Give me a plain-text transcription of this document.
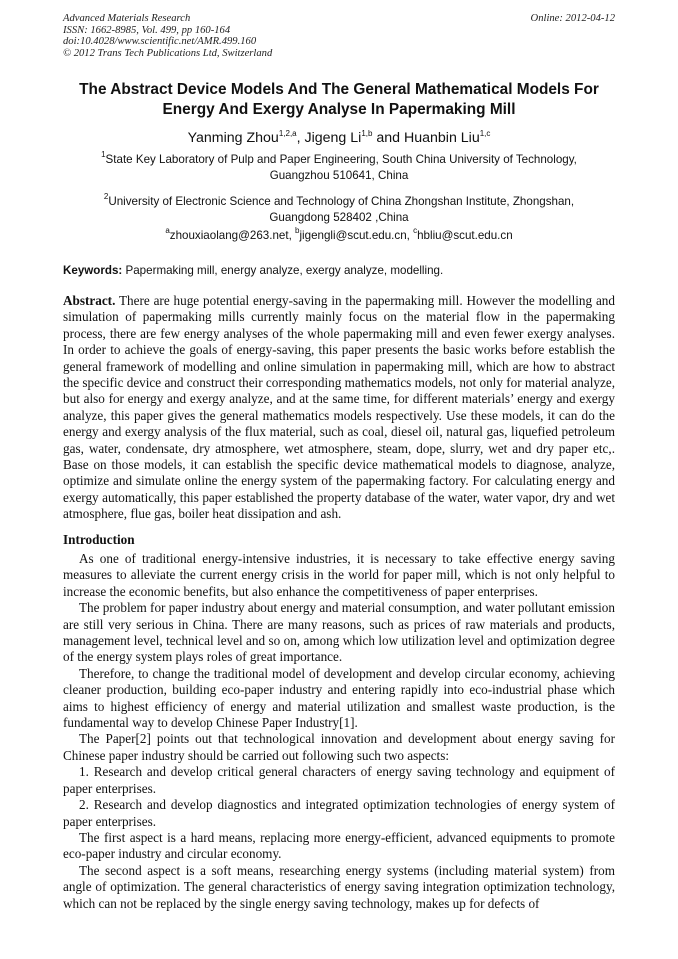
Advanced Materials Research
ISSN: 1662-8985, Vol. 499, pp 160-164
doi:10.4028/www.scientific.net/AMR.499.160
© 2012 Trans Tech Publications Ltd, Switzerland
Online: 2012-04-12
The Abstract Device Models And The General Mathematical Models For
Energy And Exergy Analyse In Papermaking Mill
Yanming Zhou$^{1,2,a}$, Jigeng Li$^{1,b}$ and Huanbin Liu$^{1,c}$
$^1$State Key Laboratory of Pulp and Paper Engineering, South China University of Technology,
Guangzhou 510641, China
$^2$University of Electronic Science and Technology of China Zhongshan Institute, Zhongshan,
Guangdong 528402 ,China
$^a$zhouxiaolang@263.net, $^b$jigengli@scut.edu.cn, $^c$hbliu@scut.edu.cn
Keywords: Papermaking mill, energy analyze, exergy analyze, modelling.
Abstract. There are huge potential energy-saving in the papermaking mill. However the modelling and simulation of papermaking mills currently mainly focus on the material flow in the papermaking process, there are few energy analyses of the whole papermaking mill and even fewer exergy analyses. In order to achieve the goals of energy-saving, this paper presents the basic works before establish the general framework of modelling and online simulation in papermaking mill, which are how to abstract the specific device and construct their corresponding mathematics models, not only for material analyze, but also for energy and exergy analyze, and at the same time, for different materials’ energy and exergy analyze, this paper gives the general mathematics models respectively. Use these models, it can do the energy and exergy analysis of the flux material, such as coal, diesel oil, natural gas, liquefied petroleum gas, water, condensate, dry atmosphere, wet atmosphere, steam, dope, slurry, wet and dry paper etc,. Base on those models, it can establish the specific device mathematical models to diagnose, analyze, optimize and simulate online the energy system of the papermaking factory. For calculating energy and exergy automatically, this paper established the property database of the water, water vapor, dry and wet atmosphere, flue gas, boiler heat dissipation and ash.
Introduction

As one of traditional energy-intensive industries, it is necessary to take effective energy saving measures to alleviate the current energy crisis in the world for paper mill, which is not only helpful to increase the economic benefits, but also enhance the competitiveness of paper enterprises.

The problem for paper industry about energy and material consumption, and water pollutant emission are still very serious in China. There are many reasons, such as prices of raw materials and products, management level, technical level and so on, among which low utilization level and optimization degree of the energy system plays roles of great importance.

Therefore, to change the traditional model of development and develop circular economy, achieving cleaner production, building eco-paper industry and entering rapidly into eco-industrial phase which aims to highest efficiency of energy and material utilization and smallest waste production, is the fundamental way to develop Chinese Paper Industry[1].

The Paper[2] points out that technological innovation and development about energy saving for Chinese paper industry should be carried out following such two aspects:

1. Research and develop critical general characters of energy saving technology and equipment of paper enterprises.

2. Research and develop diagnostics and integrated optimization technologies of energy system of paper enterprises.

The first aspect is a hard means, replacing more energy-efficient, advanced equipments to promote eco-paper industry and circular economy.

The second aspect is a soft means, researching energy systems (including material system) from angle of optimization. The general characteristics of energy saving integration optimization technology, which can not be replaced by the single energy saving technology, makes up for defects of
